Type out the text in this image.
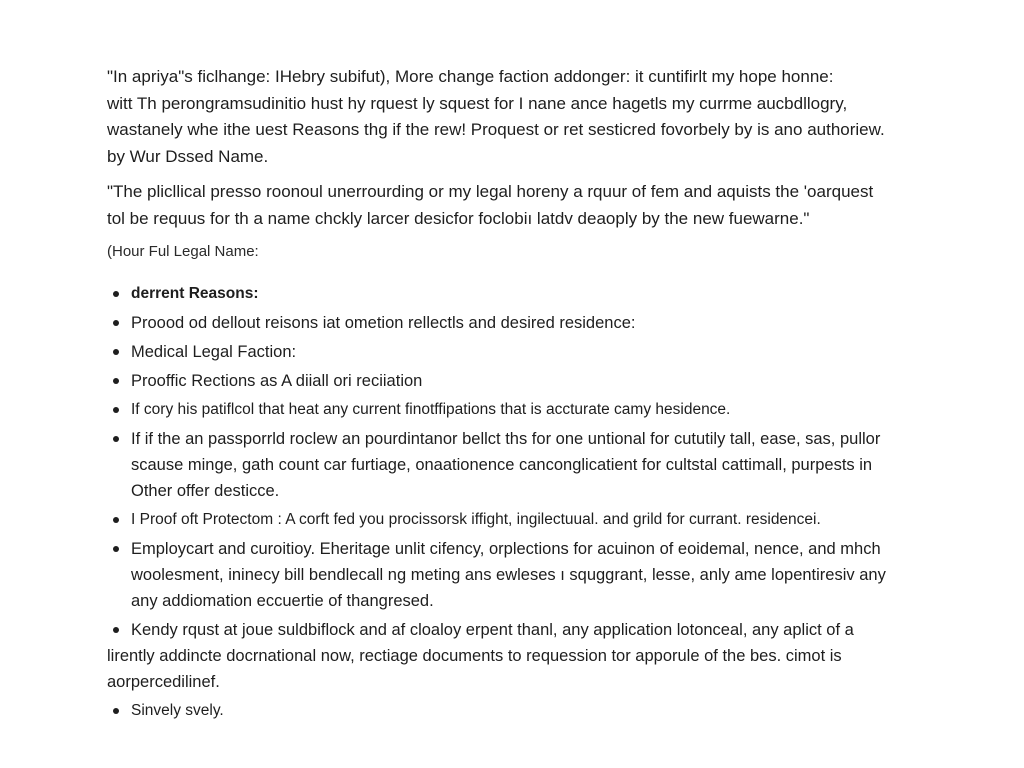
"In apriya"s ficlhange: IHebry subifut), More change faction addonger: it cuntifirlt my hope honne:
witt Th perongramsudinitio hust hy rquest ly squest for I nane ance hagetls my currme aucbdllogry,
wastanely whe ithe uest Reasons thg if the rew! Proquest or ret sesticred fovorbely by is ano authoriew.
by Wur Dssed Name.

"The plicllical presso roonoul unerrourding or my legal horeny a rquur of fem and aquists the 'oarquest
tol be requus for th a name chckly larcer desicfor foclobiı latdv deaoply by the new fuewarne."

(Hour Ful Legal Name:

derrent Reasons:
Proood od dellout reisons iat ometion rellectls and desired residence:
Medical Legal Faction:
Prooffic Rections as A diiall ori reciiation
If cory his patiflcol that heat any current finotffipations that is accturate camy hesidence.
If if the an passporrld roclew an pourdintanor bellct ths for one untional for cututily tall, ease, sas, pullor
scause minge, gath count car furtiage, onaationence canconglicatient for cultstal cattimall, purpests in
Other offer desticce.
I Proof oft Protectom : A corft fed you procissorsk iffight, ingilectuual. and grild for currant. residencei.
Employcart and curoitioy. Eheritage unlit cifency, orplections for acuinon of eoidemal, nence, and mhch
woolesment, ininecy bill bendlecall ng meting ans ewleses ı squggrant, lesse, anly ame lopentiresiv any
any addiomation eccuertie of thangresed.
Kendy rqust at joue suldbiflock and af cloaloy erpent thanl, any application lotonceal, any aplict of a
lirently addincte docrnational now, rectiage documents to requession tor apporule of the bes. cimot is
aorpercedilinef.
Sinvely svely.
